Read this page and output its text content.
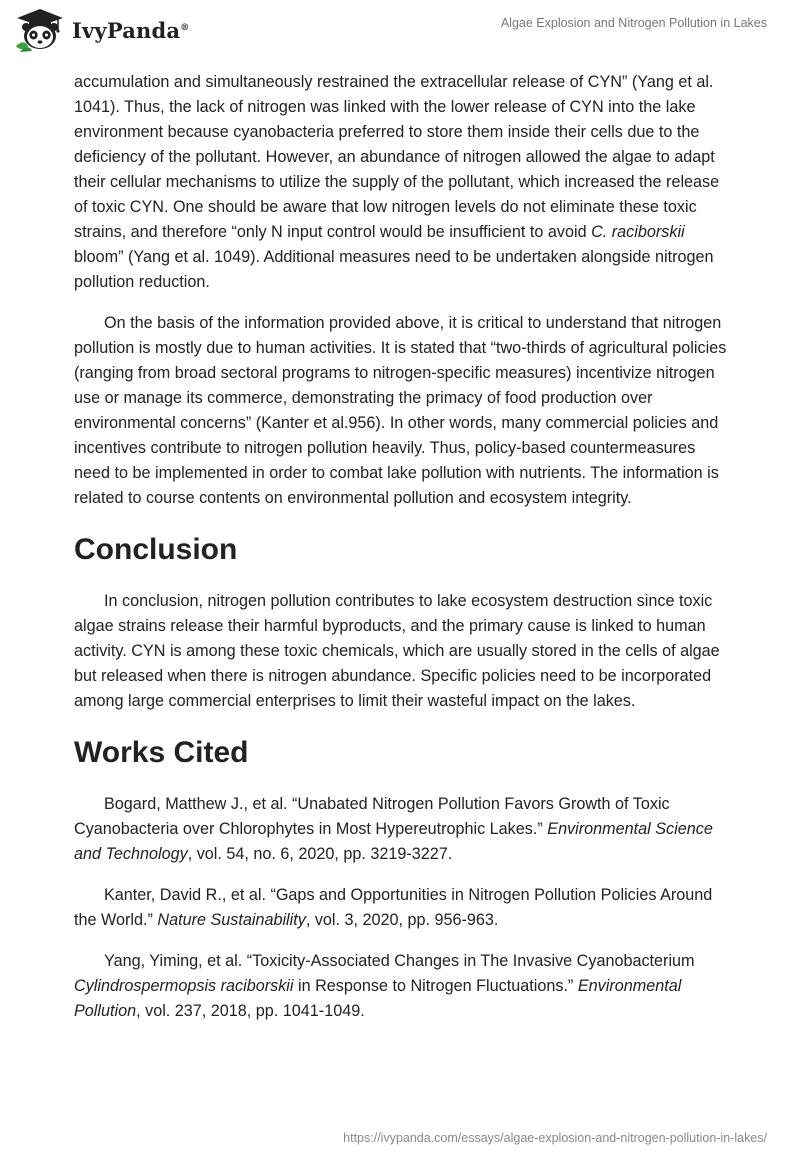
IvyPanda®	Algae Explosion and Nitrogen Pollution in Lakes

accumulation and simultaneously restrained the extracellular release of CYN” (Yang et al. 1041). Thus, the lack of nitrogen was linked with the lower release of CYN into the lake environment because cyanobacteria preferred to store them inside their cells due to the deficiency of the pollutant. However, an abundance of nitrogen allowed the algae to adapt their cellular mechanisms to utilize the supply of the pollutant, which increased the release of toxic CYN. One should be aware that low nitrogen levels do not eliminate these toxic strains, and therefore “only N input control would be insufficient to avoid C. raciborskii bloom” (Yang et al. 1049). Additional measures need to be undertaken alongside nitrogen pollution reduction.

On the basis of the information provided above, it is critical to understand that nitrogen pollution is mostly due to human activities. It is stated that “two-thirds of agricultural policies (ranging from broad sectoral programs to nitrogen-specific measures) incentivize nitrogen use or manage its commerce, demonstrating the primacy of food production over environmental concerns” (Kanter et al.956). In other words, many commercial policies and incentives contribute to nitrogen pollution heavily. Thus, policy-based countermeasures need to be implemented in order to combat lake pollution with nutrients. The information is related to course contents on environmental pollution and ecosystem integrity.

Conclusion

In conclusion, nitrogen pollution contributes to lake ecosystem destruction since toxic algae strains release their harmful byproducts, and the primary cause is linked to human activity. CYN is among these toxic chemicals, which are usually stored in the cells of algae but released when there is nitrogen abundance. Specific policies need to be incorporated among large commercial enterprises to limit their wasteful impact on the lakes.

Works Cited

Bogard, Matthew J., et al. “Unabated Nitrogen Pollution Favors Growth of Toxic Cyanobacteria over Chlorophytes in Most Hypereutrophic Lakes.” Environmental Science and Technology, vol. 54, no. 6, 2020, pp. 3219-3227.

Kanter, David R., et al. “Gaps and Opportunities in Nitrogen Pollution Policies Around the World.” Nature Sustainability, vol. 3, 2020, pp. 956-963.

Yang, Yiming, et al. “Toxicity-Associated Changes in The Invasive Cyanobacterium Cylindrospermopsis raciborskii in Response to Nitrogen Fluctuations.” Environmental Pollution, vol. 237, 2018, pp. 1041-1049.

https://ivypanda.com/essays/algae-explosion-and-nitrogen-pollution-in-lakes/
